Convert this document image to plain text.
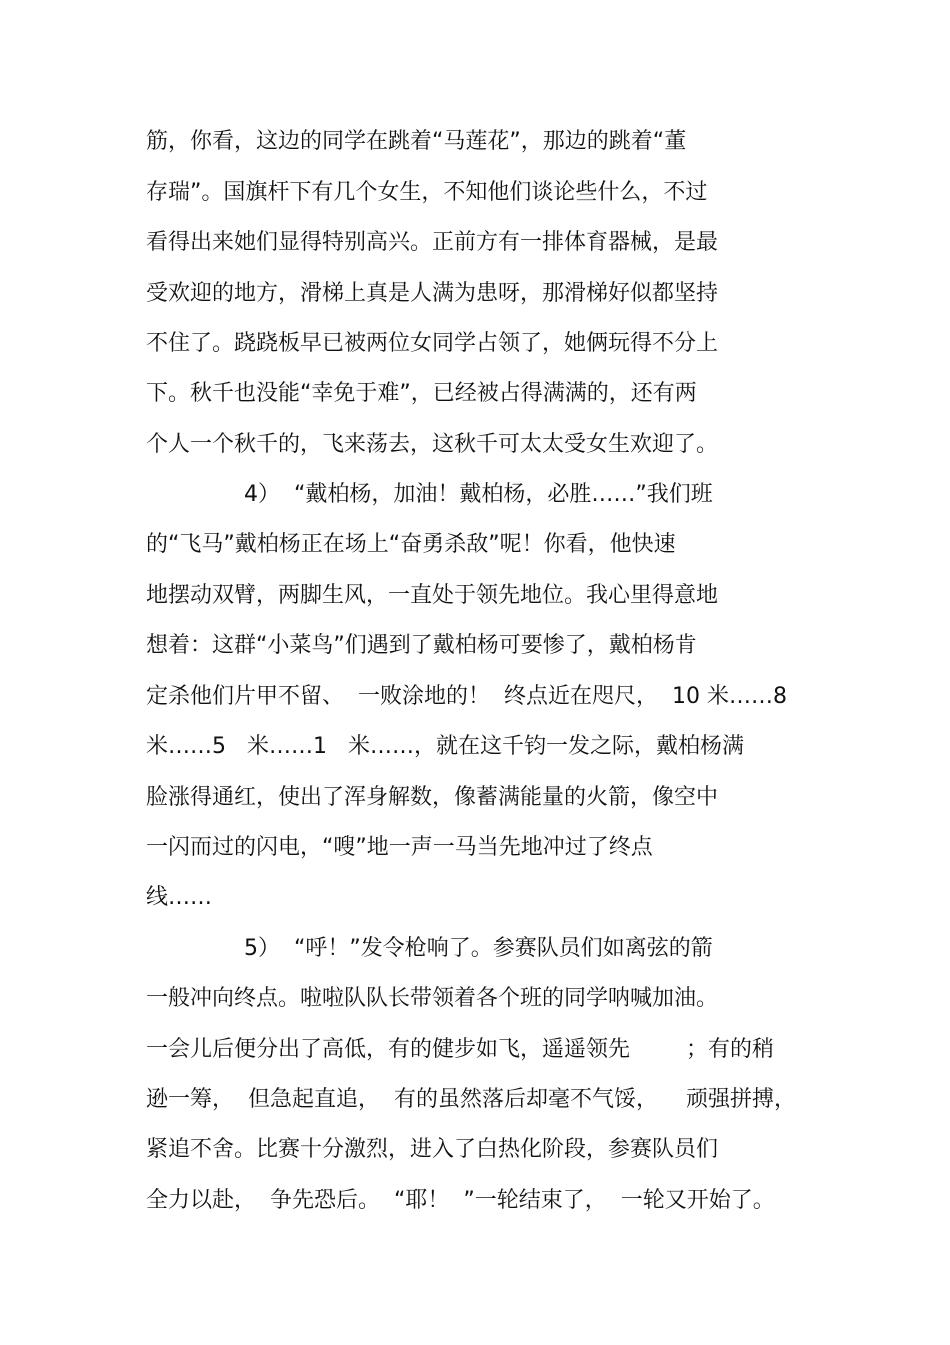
筋，你看，这边的同学在跳着“马莲花”，那边的跳着“董

存瑞”。国旗杆下有几个女生，不知他们谈论些什么，不过

看得出来她们显得特别高兴。正前方有一排体育器械，是最

受欢迎的地方，滑梯上真是人满为患呀，那滑梯好似都坚持

不住了。跷跷板早已被两位女同学占领了，她俩玩得不分上

下。秋千也没能“幸免于难”，已经被占得满满的，还有两

个人一个秋千的，飞来荡去，这秋千可太太受女生欢迎了。

4）  “戴柏杨，加油！戴柏杨，必胜……”我们班

的“飞马”戴柏杨正在场上“奋勇杀敌”呢！你看，他快速

地摆动双臂，两脚生风，一直处于领先地位。我心里得意地

想着：这群“小菜鸟”们遇到了戴柏杨可要惨了，戴柏杨肯

定杀他们片甲不留、  一败涂地的！  终点近在咫尺，  10 米……8

米……5   米……1   米……，就在这千钧一发之际，戴柏杨满

脸涨得通红，使出了浑身解数，像蓄满能量的火箭，像空中

一闪而过的闪电，“嗖”地一声一马当先地冲过了终点

线……

5）  “呼！”发令枪响了。参赛队员们如离弦的箭

一般冲向终点。啦啦队队长带领着各个班的同学呐喊加油。

一会儿后便分出了高低，有的健步如飞，遥遥领先        ；有的稍

逊一筹，  但急起直追，  有的虽然落后却毫不气馁，    顽强拼搏，

紧追不舍。比赛十分激烈，进入了白热化阶段，参赛队员们

全力以赴，  争先恐后。  “耶！  ”一轮结束了，  一轮又开始了。
